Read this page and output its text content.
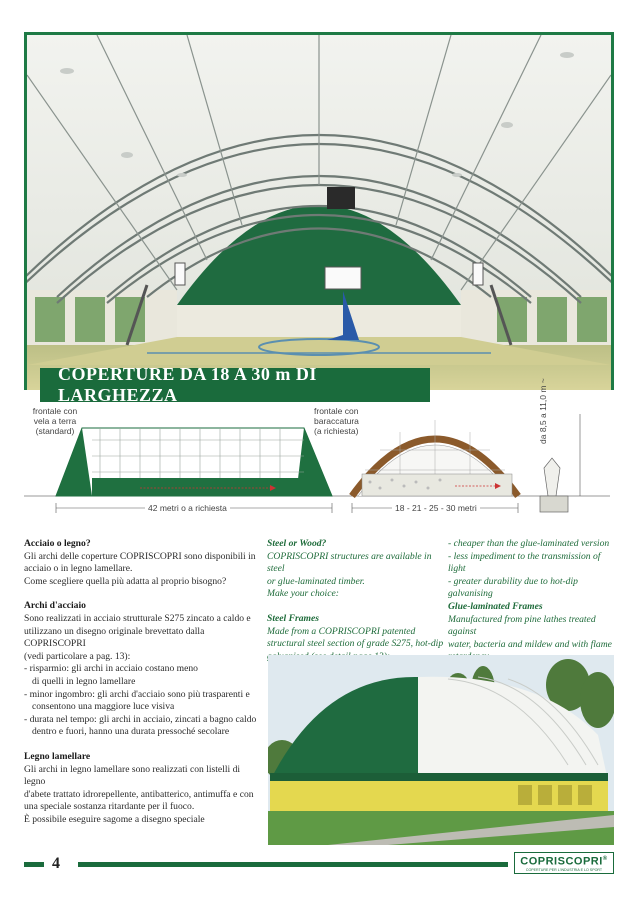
COPERTURE DA 18 A 30 m DI LARGHEZZA
frontale con
vela a terra
(standard)
frontale con
baraccatura
(a richiesta)
42 metri o a richiesta	18 - 21 - 25 - 30 metri
da 8,5 a 11,0 m ~

Acciaio o legno?

Gli archi delle coperture COPRISCOPRI sono disponibili in

acciaio o in legno lamellare.

Come scegliere quella più adatta al proprio bisogno?

Archi d'acciaio

Sono realizzati in acciaio strutturale S275 zincato a caldo e

utilizzano un disegno originale brevettato dalla COPRISCOPRI

(vedi particolare a pag. 13):

- risparmio: gli archi in acciaio costano meno

di quelli in legno lamellare

- minor ingombro: gli archi d'acciaio sono più trasparenti e

consentono una maggiore luce visiva

- durata nel tempo: gli archi in acciaio, zincati a bagno caldo

dentro e fuori, hanno una durata pressoché secolare

Legno lamellare

Gli archi in legno lamellare sono realizzati con listelli di legno

d'abete trattato idrorepellente, antibatterico, antimuffa e con

una speciale sostanza ritardante per il fuoco.

È possibile eseguire sagome a disegno speciale

Steel or Wood?

COPRISCOPRI structures are available in steel

or glue-laminated timber.

Make your choice:

Steel Frames

Made from a COPRISCOPRI patented

structural steel section of grade S275, hot-dip

- cheaper than the glue-laminated version

- less impediment to the transmission of light

- greater durability due to hot-dip galvanising

Glue-laminated Frames

Manufactured from pine lathes treated against

water, bacteria and mildew and with flame

4	COPRISCOPRI®
COPERTURE PER L'INDUSTRIA E LO SPORT
